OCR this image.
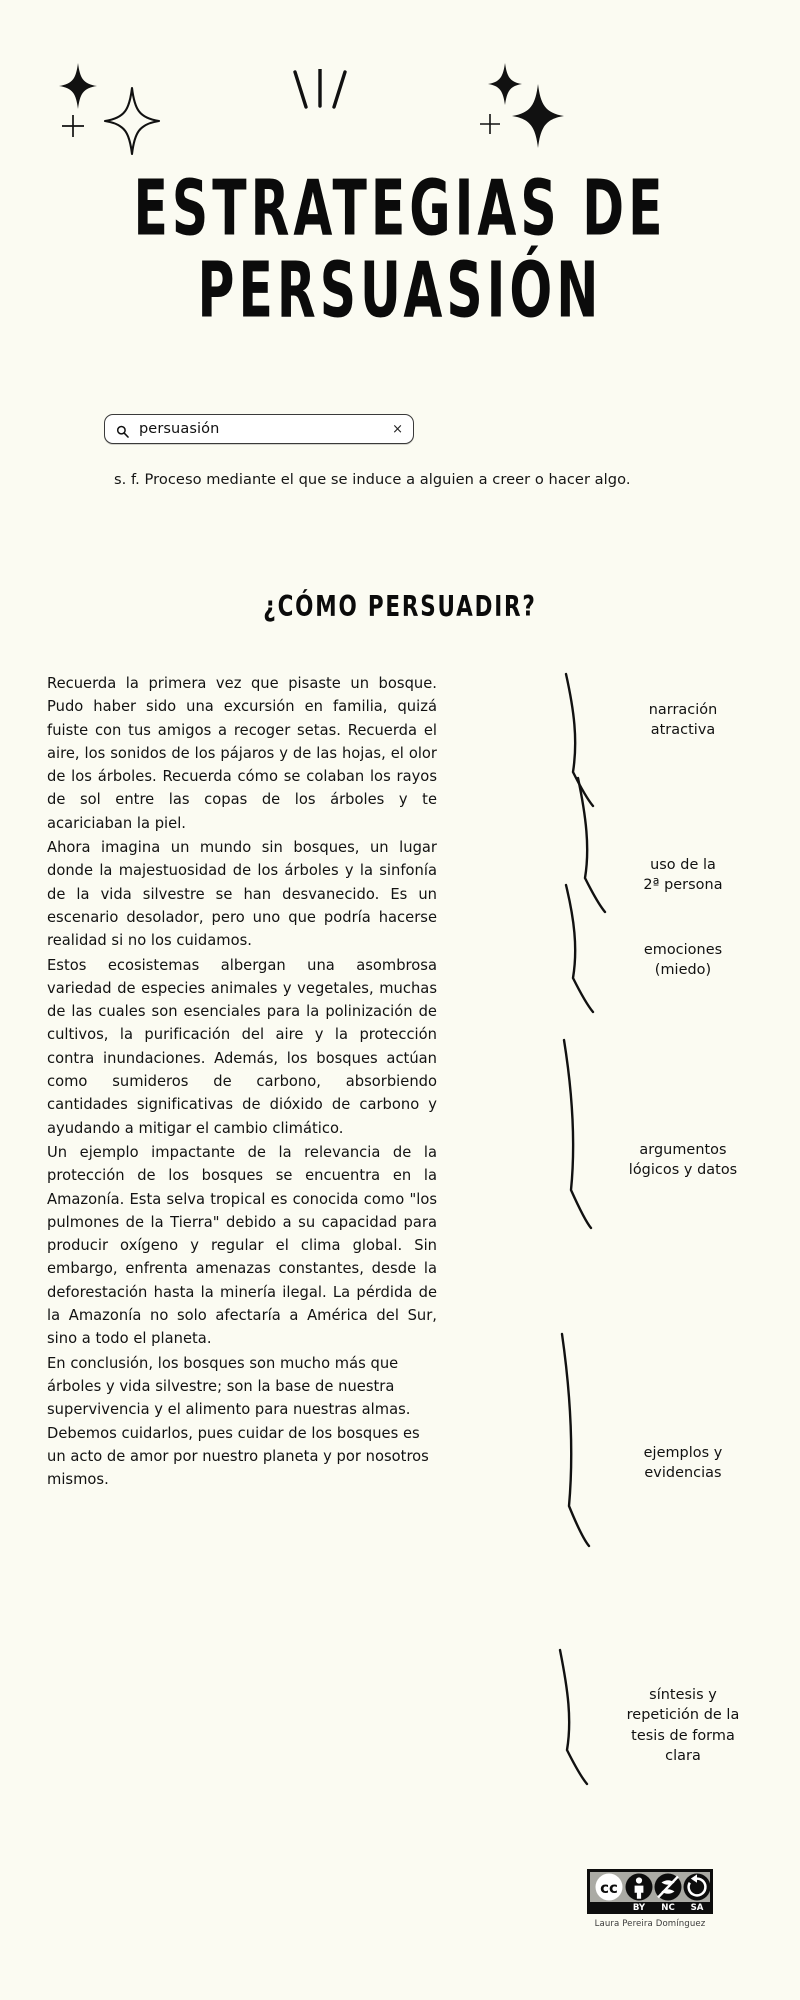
ESTRATEGIAS DE
PERSUASIÓN
persuasión	×
s. f. Proceso mediante el que se induce a alguien a creer o hacer algo.
¿CÓMO PERSUADIR?

Recuerda la primera vez que pisaste un bosque. Pudo haber sido una excursión en familia, quizá fuiste con tus amigos a recoger setas. Recuerda el aire, los sonidos de los pájaros y de las hojas, el olor de los árboles. Recuerda cómo se colaban los rayos de sol entre las copas de los árboles y te acariciaban la piel.

Ahora imagina un mundo sin bosques, un lugar donde la majestuosidad de los árboles y la sinfonía de la vida silvestre se han desvanecido. Es un escenario desolador, pero uno que podría hacerse realidad si no los cuidamos.

Estos ecosistemas albergan una asombrosa variedad de especies animales y vegetales, muchas de las cuales son esenciales para la polinización de cultivos, la purificación del aire y la protección contra inundaciones. Además, los bosques actúan como sumideros de carbono, absorbiendo cantidades significativas de dióxido de carbono y ayudando a mitigar el cambio climático.

Un ejemplo impactante de la relevancia de la protección de los bosques se encuentra en la Amazonía. Esta selva tropical es conocida como "los pulmones de la Tierra" debido a su capacidad para producir oxígeno y regular el clima global. Sin embargo, enfrenta amenazas constantes, desde la deforestación hasta la minería ilegal. La pérdida de la Amazonía no solo afectaría a América del Sur, sino a todo el planeta.

En conclusión, los bosques son mucho más que árboles y vida silvestre; son la base de nuestra supervivencia y el alimento para nuestras almas. Debemos cuidarlos, pues cuidar de los bosques es un acto de amor por nuestro planeta y por nosotros mismos.

narración
atractiva
uso de la
2ª persona
emociones
(miedo)
argumentos
lógicos y datos
ejemplos y
evidencias
síntesis y
repetición de la
tesis de forma
clara
cc
BY NC SA
Laura Pereira Domínguez
